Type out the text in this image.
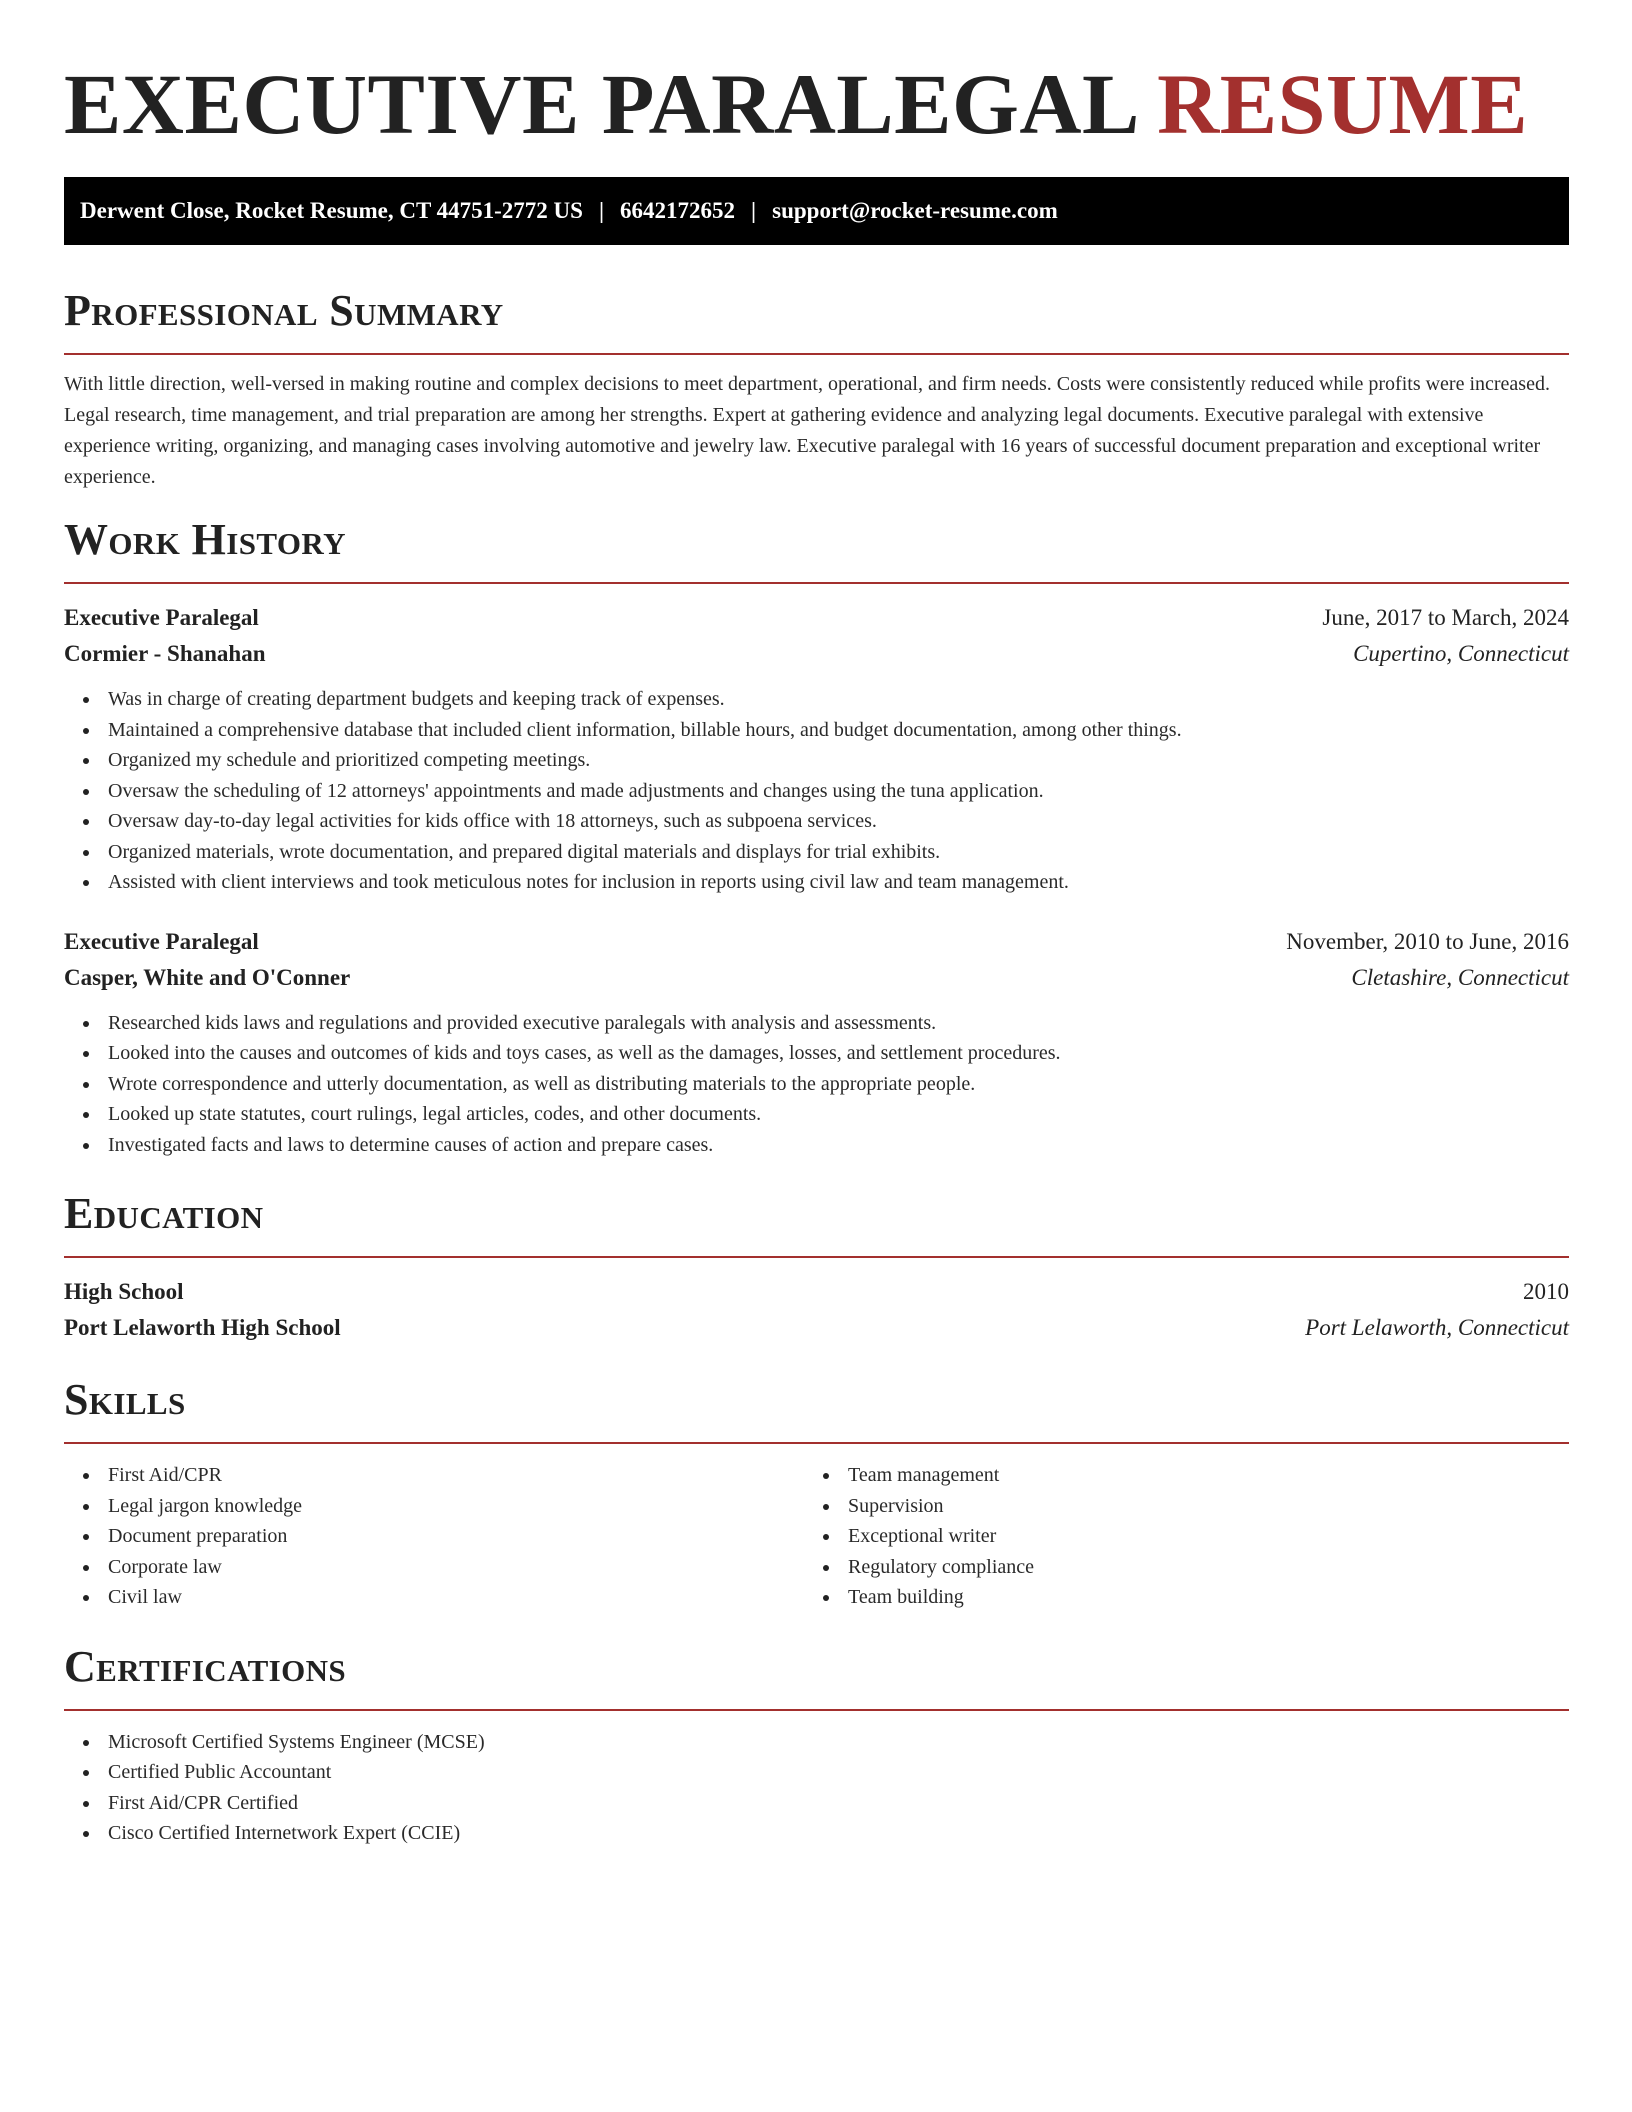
EXECUTIVE PARALEGAL RESUME
Derwent Close, Rocket Resume, CT 44751-2772 US | 6642172652 | support@rocket-resume.com
Professional Summary

With little direction, well-versed in making routine and complex decisions to meet department, operational, and firm needs. Costs were consistently reduced while profits were increased. Legal research, time management, and trial preparation are among her strengths. Expert at gathering evidence and analyzing legal documents. Executive paralegal with extensive experience writing, organizing, and managing cases involving automotive and jewelry law. Executive paralegal with 16 years of successful document preparation and exceptional writer experience.

Work History
Executive Paralegal	June, 2017 to March, 2024
Cormier - Shanahan	Cupertino, Connecticut
Was in charge of creating department budgets and keeping track of expenses.
Maintained a comprehensive database that included client information, billable hours, and budget documentation, among other things.
Organized my schedule and prioritized competing meetings.
Oversaw the scheduling of 12 attorneys' appointments and made adjustments and changes using the tuna application.
Oversaw day-to-day legal activities for kids office with 18 attorneys, such as subpoena services.
Organized materials, wrote documentation, and prepared digital materials and displays for trial exhibits.
Assisted with client interviews and took meticulous notes for inclusion in reports using civil law and team management.
Executive Paralegal	November, 2010 to June, 2016
Casper, White and O'Conner	Cletashire, Connecticut
Researched kids laws and regulations and provided executive paralegals with analysis and assessments.
Looked into the causes and outcomes of kids and toys cases, as well as the damages, losses, and settlement procedures.
Wrote correspondence and utterly documentation, as well as distributing materials to the appropriate people.
Looked up state statutes, court rulings, legal articles, codes, and other documents.
Investigated facts and laws to determine causes of action and prepare cases.
Education
High School	2010
Port Lelaworth High School	Port Lelaworth, Connecticut
Skills
First Aid/CPR
Legal jargon knowledge
Document preparation
Corporate law
Civil law
Team management
Supervision
Exceptional writer
Regulatory compliance
Team building
Certifications
Microsoft Certified Systems Engineer (MCSE)
Certified Public Accountant
First Aid/CPR Certified
Cisco Certified Internetwork Expert (CCIE)
